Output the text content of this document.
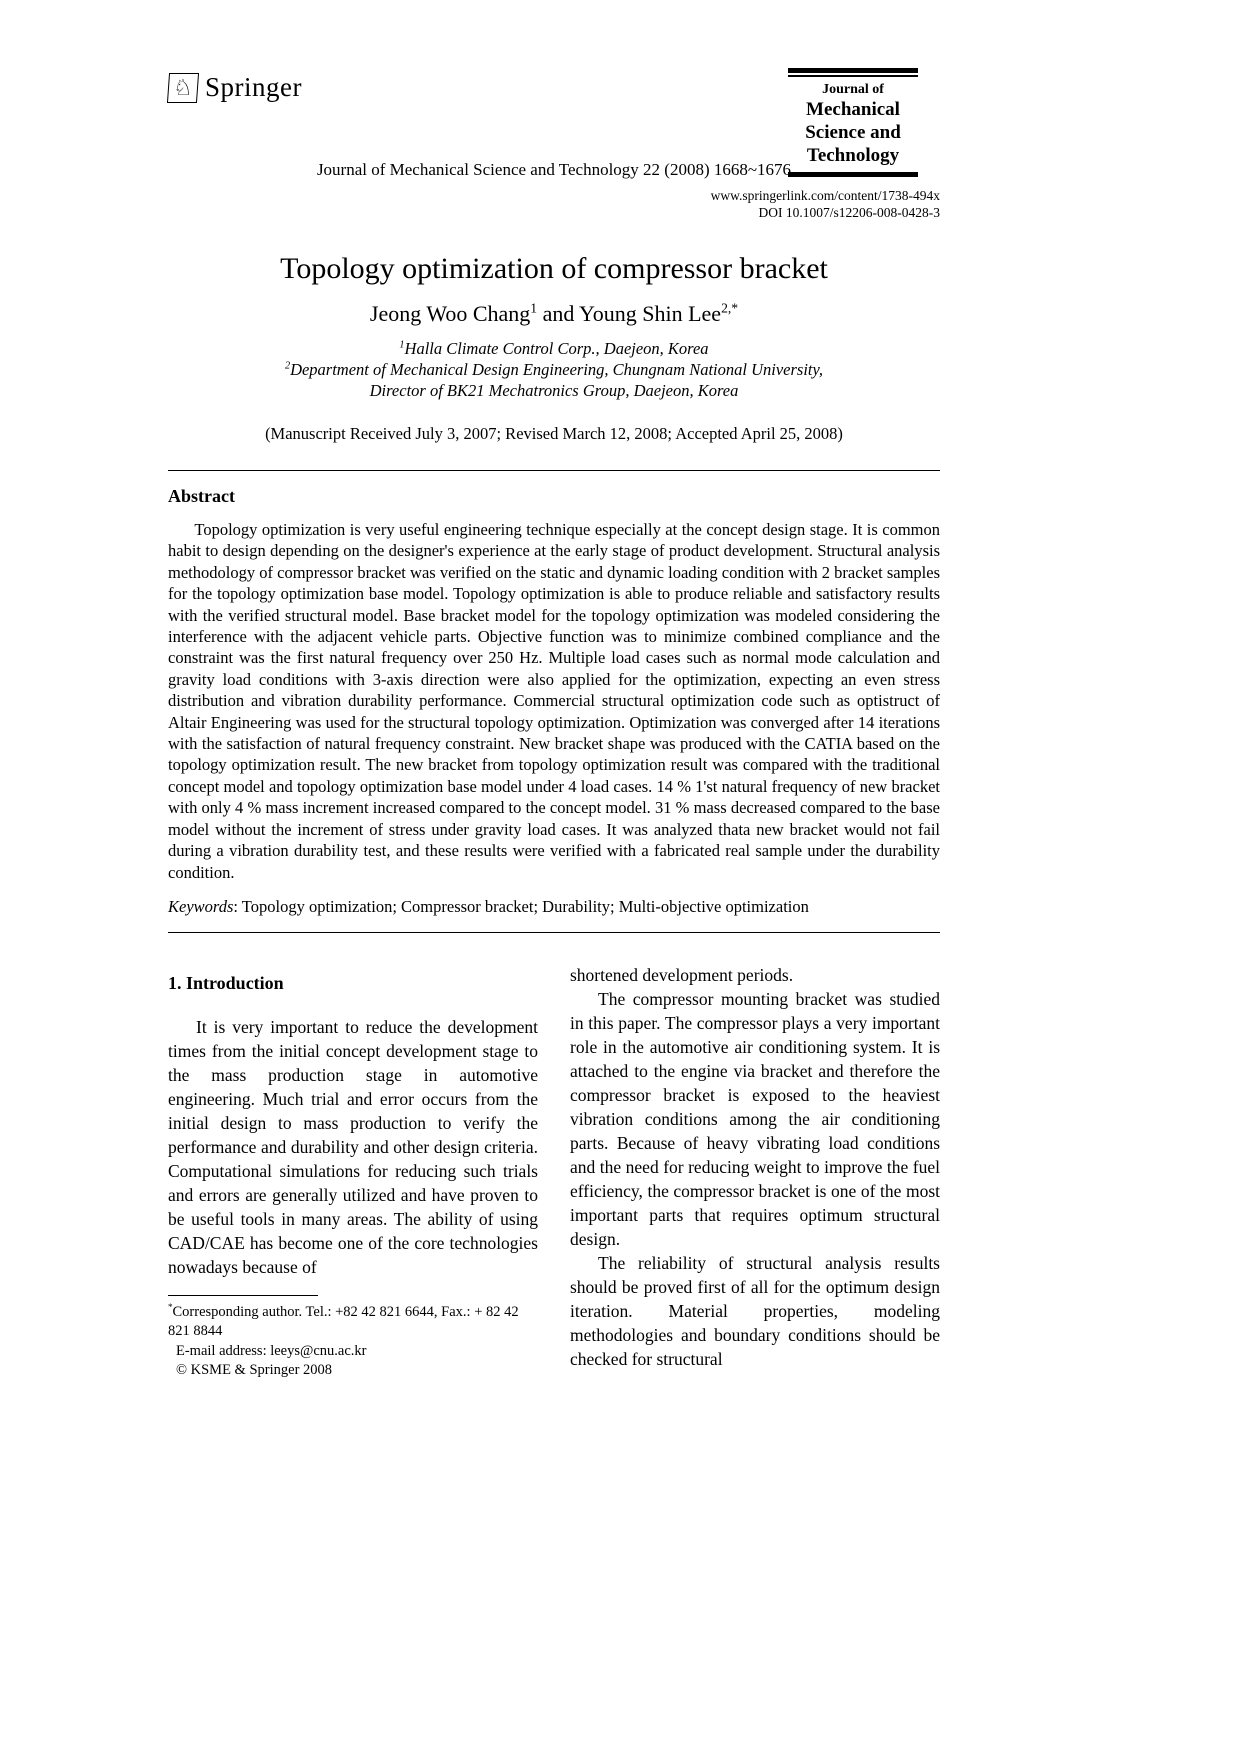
♘ Springer	Journal of
Mechanical
Science and
Technology
Journal of Mechanical Science and Technology 22 (2008) 1668~1676
www.springerlink.com/content/1738-494x
DOI 10.1007/s12206-008-0428-3
Topology optimization of compressor bracket
Jeong Woo Chang$^1$ and Young Shin Lee$^{2,*}$
$^1$Halla Climate Control Corp., Daejeon, Korea
$^2$Department of Mechanical Design Engineering, Chungnam National University,
Director of BK21 Mechatronics Group, Daejeon, Korea
(Manuscript Received July 3, 2007; Revised March 12, 2008; Accepted April 25, 2008)
Abstract
Topology optimization is very useful engineering technique especially at the concept design stage. It is common habit to design depending on the designer's experience at the early stage of product development. Structural analysis methodology of compressor bracket was verified on the static and dynamic loading condition with 2 bracket samples for the topology optimization base model. Topology optimization is able to produce reliable and satisfactory results with the verified structural model. Base bracket model for the topology optimization was modeled considering the interference with the adjacent vehicle parts. Objective function was to minimize combined compliance and the constraint was the first natural frequency over 250 Hz. Multiple load cases such as normal mode calculation and gravity load conditions with 3-axis direction were also applied for the optimization, expecting an even stress distribution and vibration durability performance. Commercial structural optimization code such as optistruct of Altair Engineering was used for the structural topology optimization. Optimization was converged after 14 iterations with the satisfaction of natural frequency constraint. New bracket shape was produced with the CATIA based on the topology optimization result. The new bracket from topology optimization result was compared with the traditional concept model and topology optimization base model under 4 load cases. 14 % 1'st natural frequency of new bracket with only 4 % mass increment increased compared to the concept model. 31 % mass decreased compared to the base model without the increment of stress under gravity load cases. It was analyzed thata new bracket would not fail during a vibration durability test, and these results were verified with a fabricated real sample under the durability condition.
Keywords: Topology optimization; Compressor bracket; Durability; Multi-objective optimization
1. Introduction

It is very important to reduce the development times from the initial concept development stage to the mass production stage in automotive engineering. Much trial and error occurs from the initial design to mass production to verify the performance and durability and other design criteria. Computational simulations for reducing such trials and errors are generally utilized and have proven to be useful tools in many areas. The ability of using CAD/CAE has become one of the core technologies nowadays because of

*Corresponding author. Tel.: +82 42 821 6644, Fax.: + 82 42 821 8844
E-mail address: leeys@cnu.ac.kr
© KSME & Springer 2008

shortened development periods.

The compressor mounting bracket was studied in this paper. The compressor plays a very important role in the automotive air conditioning system. It is attached to the engine via bracket and therefore the compressor bracket is exposed to the heaviest vibration conditions among the air conditioning parts. Because of heavy vibrating load conditions and the need for reducing weight to improve the fuel efficiency, the compressor bracket is one of the most important parts that requires optimum structural design.

The reliability of structural analysis results should be proved first of all for the optimum design iteration. Material properties, modeling methodologies and boundary conditions should be checked for structural
